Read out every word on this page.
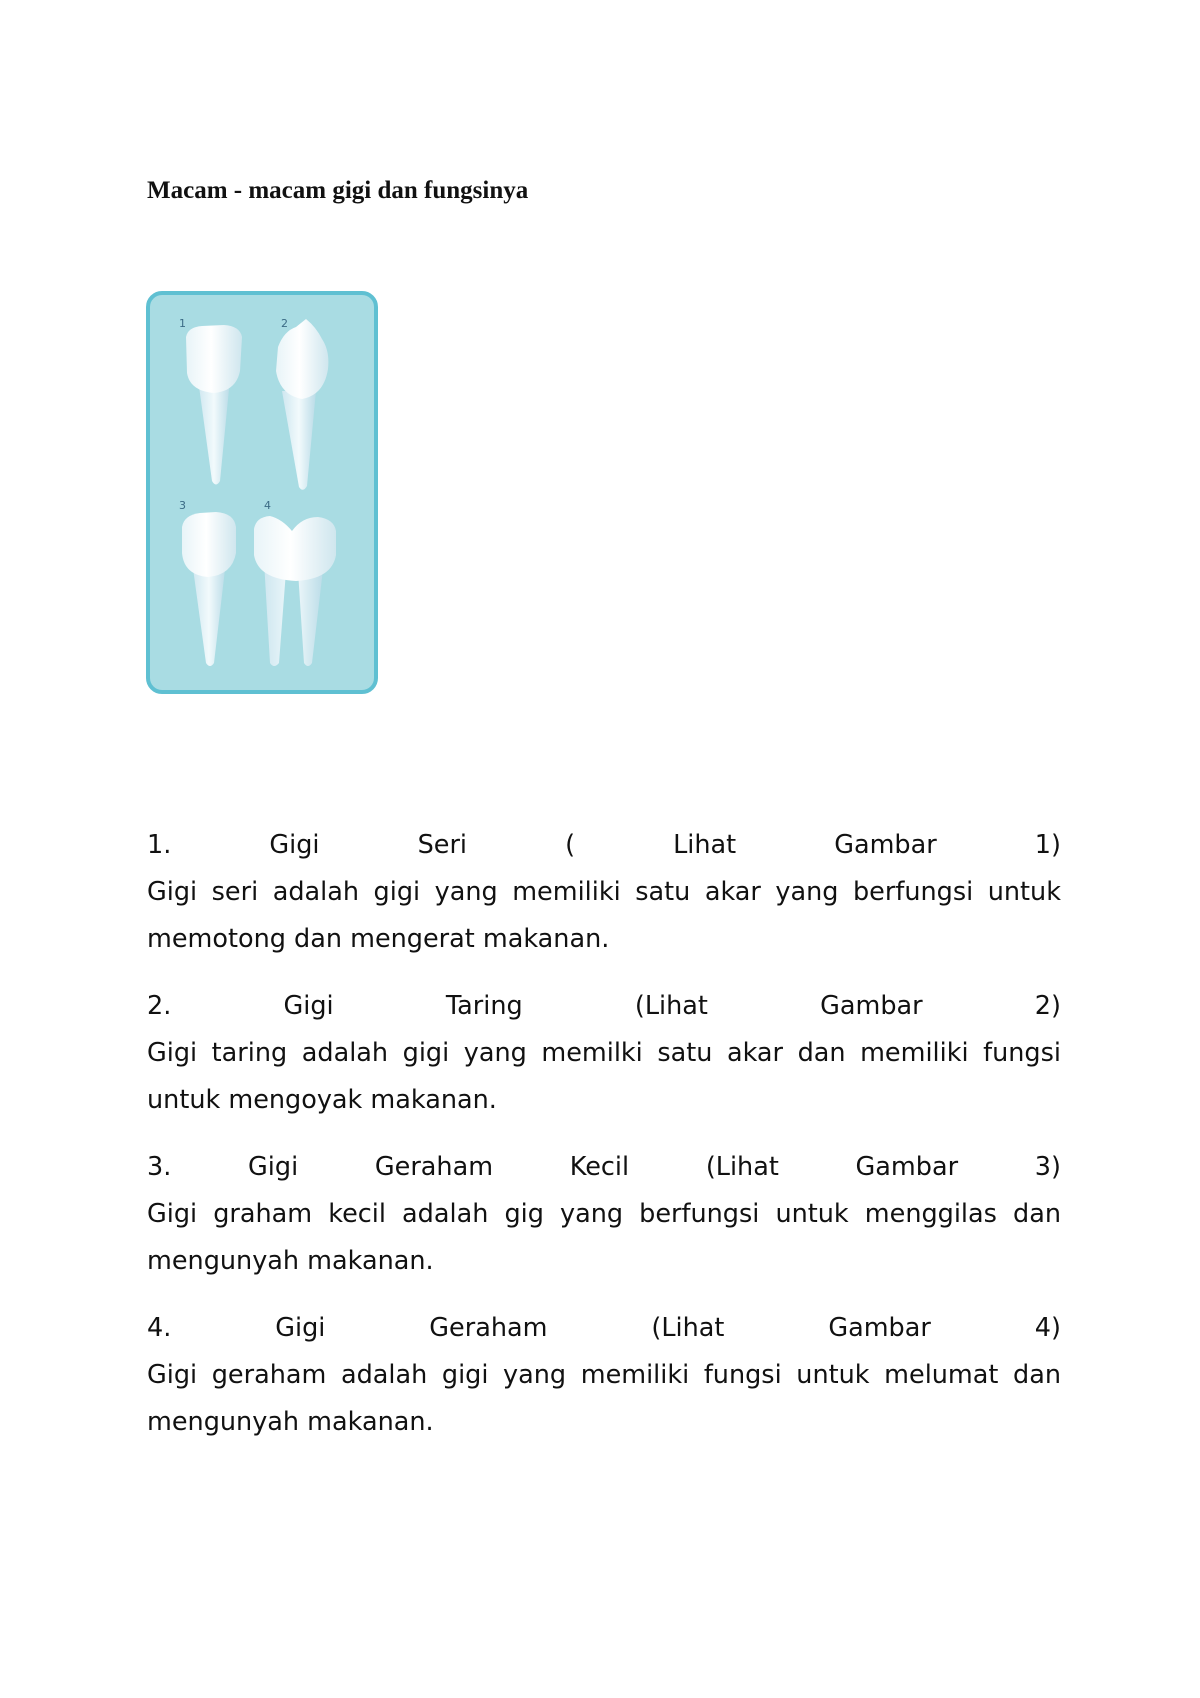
Macam - macam gigi dan fungsinya
1	2
3	4
1.	Gigi	Seri	(	Lihat	Gambar	1)

Gigi seri adalah gigi yang memiliki satu akar yang berfungsi untuk memotong dan mengerat makanan.

2.	Gigi	Taring	(Lihat	Gambar	2)

Gigi taring adalah gigi yang memilki satu akar dan memiliki fungsi untuk mengoyak makanan.

3.	Gigi	Geraham	Kecil	(Lihat	Gambar	3)

Gigi graham kecil adalah gig yang berfungsi untuk menggilas dan mengunyah makanan.

4.	Gigi	Geraham	(Lihat	Gambar	4)

Gigi geraham adalah gigi yang memiliki fungsi untuk melumat dan mengunyah makanan.
